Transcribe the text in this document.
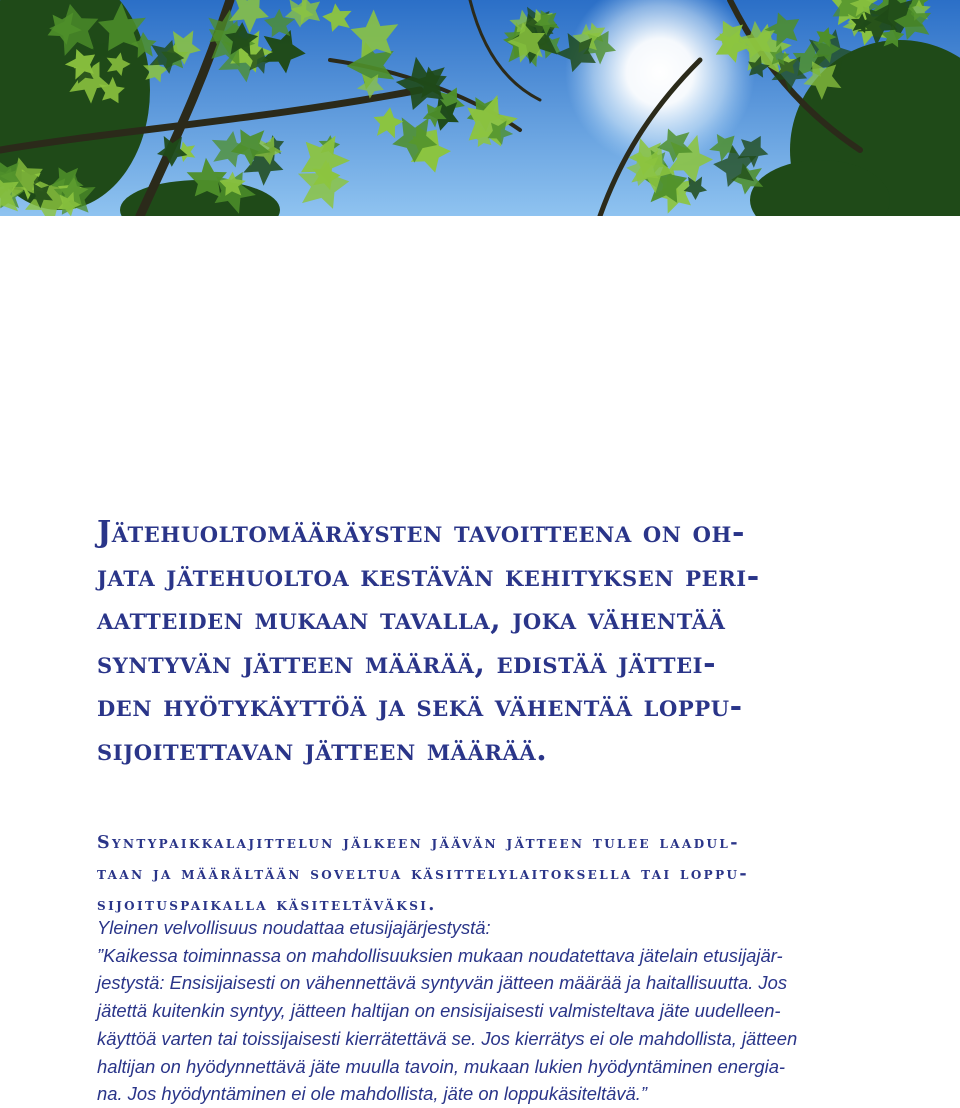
Jätehuoltomääräysten tavoitteena on oh-
jata jätehuoltoa kestävän kehityksen peri-
aatteiden mukaan tavalla, joka vähentää
syntyvän jätteen määrää, edistää jättei-
den hyötykäyttöä ja sekä vähentää loppu-
sijoitettavan jätteen määrää.
Syntypaikkalajittelun jälkeen jäävän jätteen tulee laadul-
taan ja määrältään soveltua käsittelylaitoksella tai loppu-
sijoituspaikalla käsiteltäväksi.
Yleinen velvollisuus noudattaa etusijajärjestystä:
”Kaikessa toiminnassa on mahdollisuuksien mukaan noudatettava jätelain etusijajär-
jestystä: Ensisijaisesti on vähennettävä syntyvän jätteen määrää ja haitallisuutta. Jos
jätettä kuitenkin syntyy, jätteen haltijan on ensisijaisesti valmisteltava jäte uudelleen-
käyttöä varten tai toissijaisesti kierrätettävä se. Jos kierrätys ei ole mahdollista, jätteen
haltijan on hyödynnettävä jäte muulla tavoin, mukaan lukien hyödyntäminen energia-
na. Jos hyödyntäminen ei ole mahdollista, jäte on loppukäsiteltävä.”
